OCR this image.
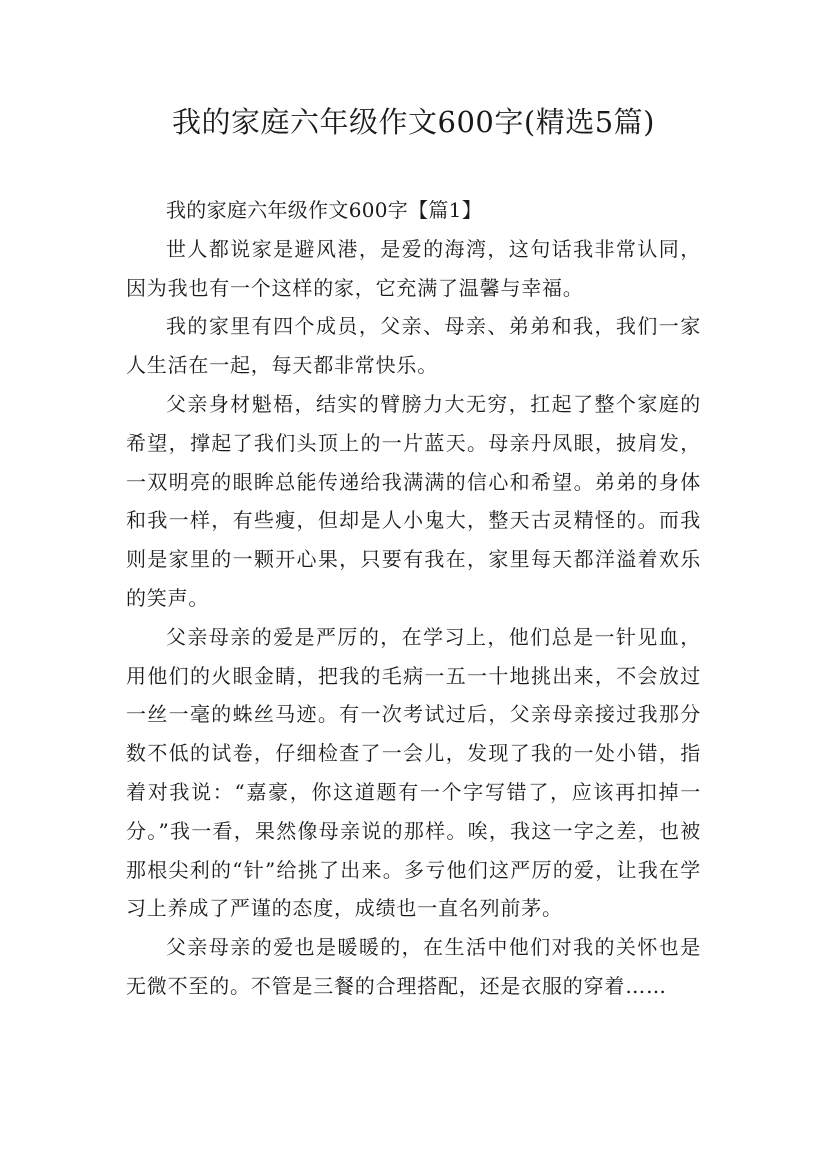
我的家庭六年级作文600字(精选5篇)

我的家庭六年级作文600字【篇1】

世人都说家是避风港，是爱的海湾，这句话我非常认同，因为我也有一个这样的家，它充满了温馨与幸福。

我的家里有四个成员，父亲、母亲、弟弟和我，我们一家人生活在一起，每天都非常快乐。

父亲身材魁梧，结实的臂膀力大无穷，扛起了整个家庭的希望，撑起了我们头顶上的一片蓝天。母亲丹凤眼，披肩发，一双明亮的眼眸总能传递给我满满的信心和希望。弟弟的身体和我一样，有些瘦，但却是人小鬼大，整天古灵精怪的。而我则是家里的一颗开心果，只要有我在，家里每天都洋溢着欢乐的笑声。

父亲母亲的爱是严厉的，在学习上，他们总是一针见血，用他们的火眼金睛，把我的毛病一五一十地挑出来，不会放过一丝一毫的蛛丝马迹。有一次考试过后，父亲母亲接过我那分数不低的试卷，仔细检查了一会儿，发现了我的一处小错，指着对我说：“嘉豪，你这道题有一个字写错了，应该再扣掉一分。”我一看，果然像母亲说的那样。唉，我这一字之差，也被那根尖利的“针”给挑了出来。多亏他们这严厉的爱，让我在学习上养成了严谨的态度，成绩也一直名列前茅。

父亲母亲的爱也是暖暖的，在生活中他们对我的关怀也是无微不至的。不管是三餐的合理搭配，还是衣服的穿着……
